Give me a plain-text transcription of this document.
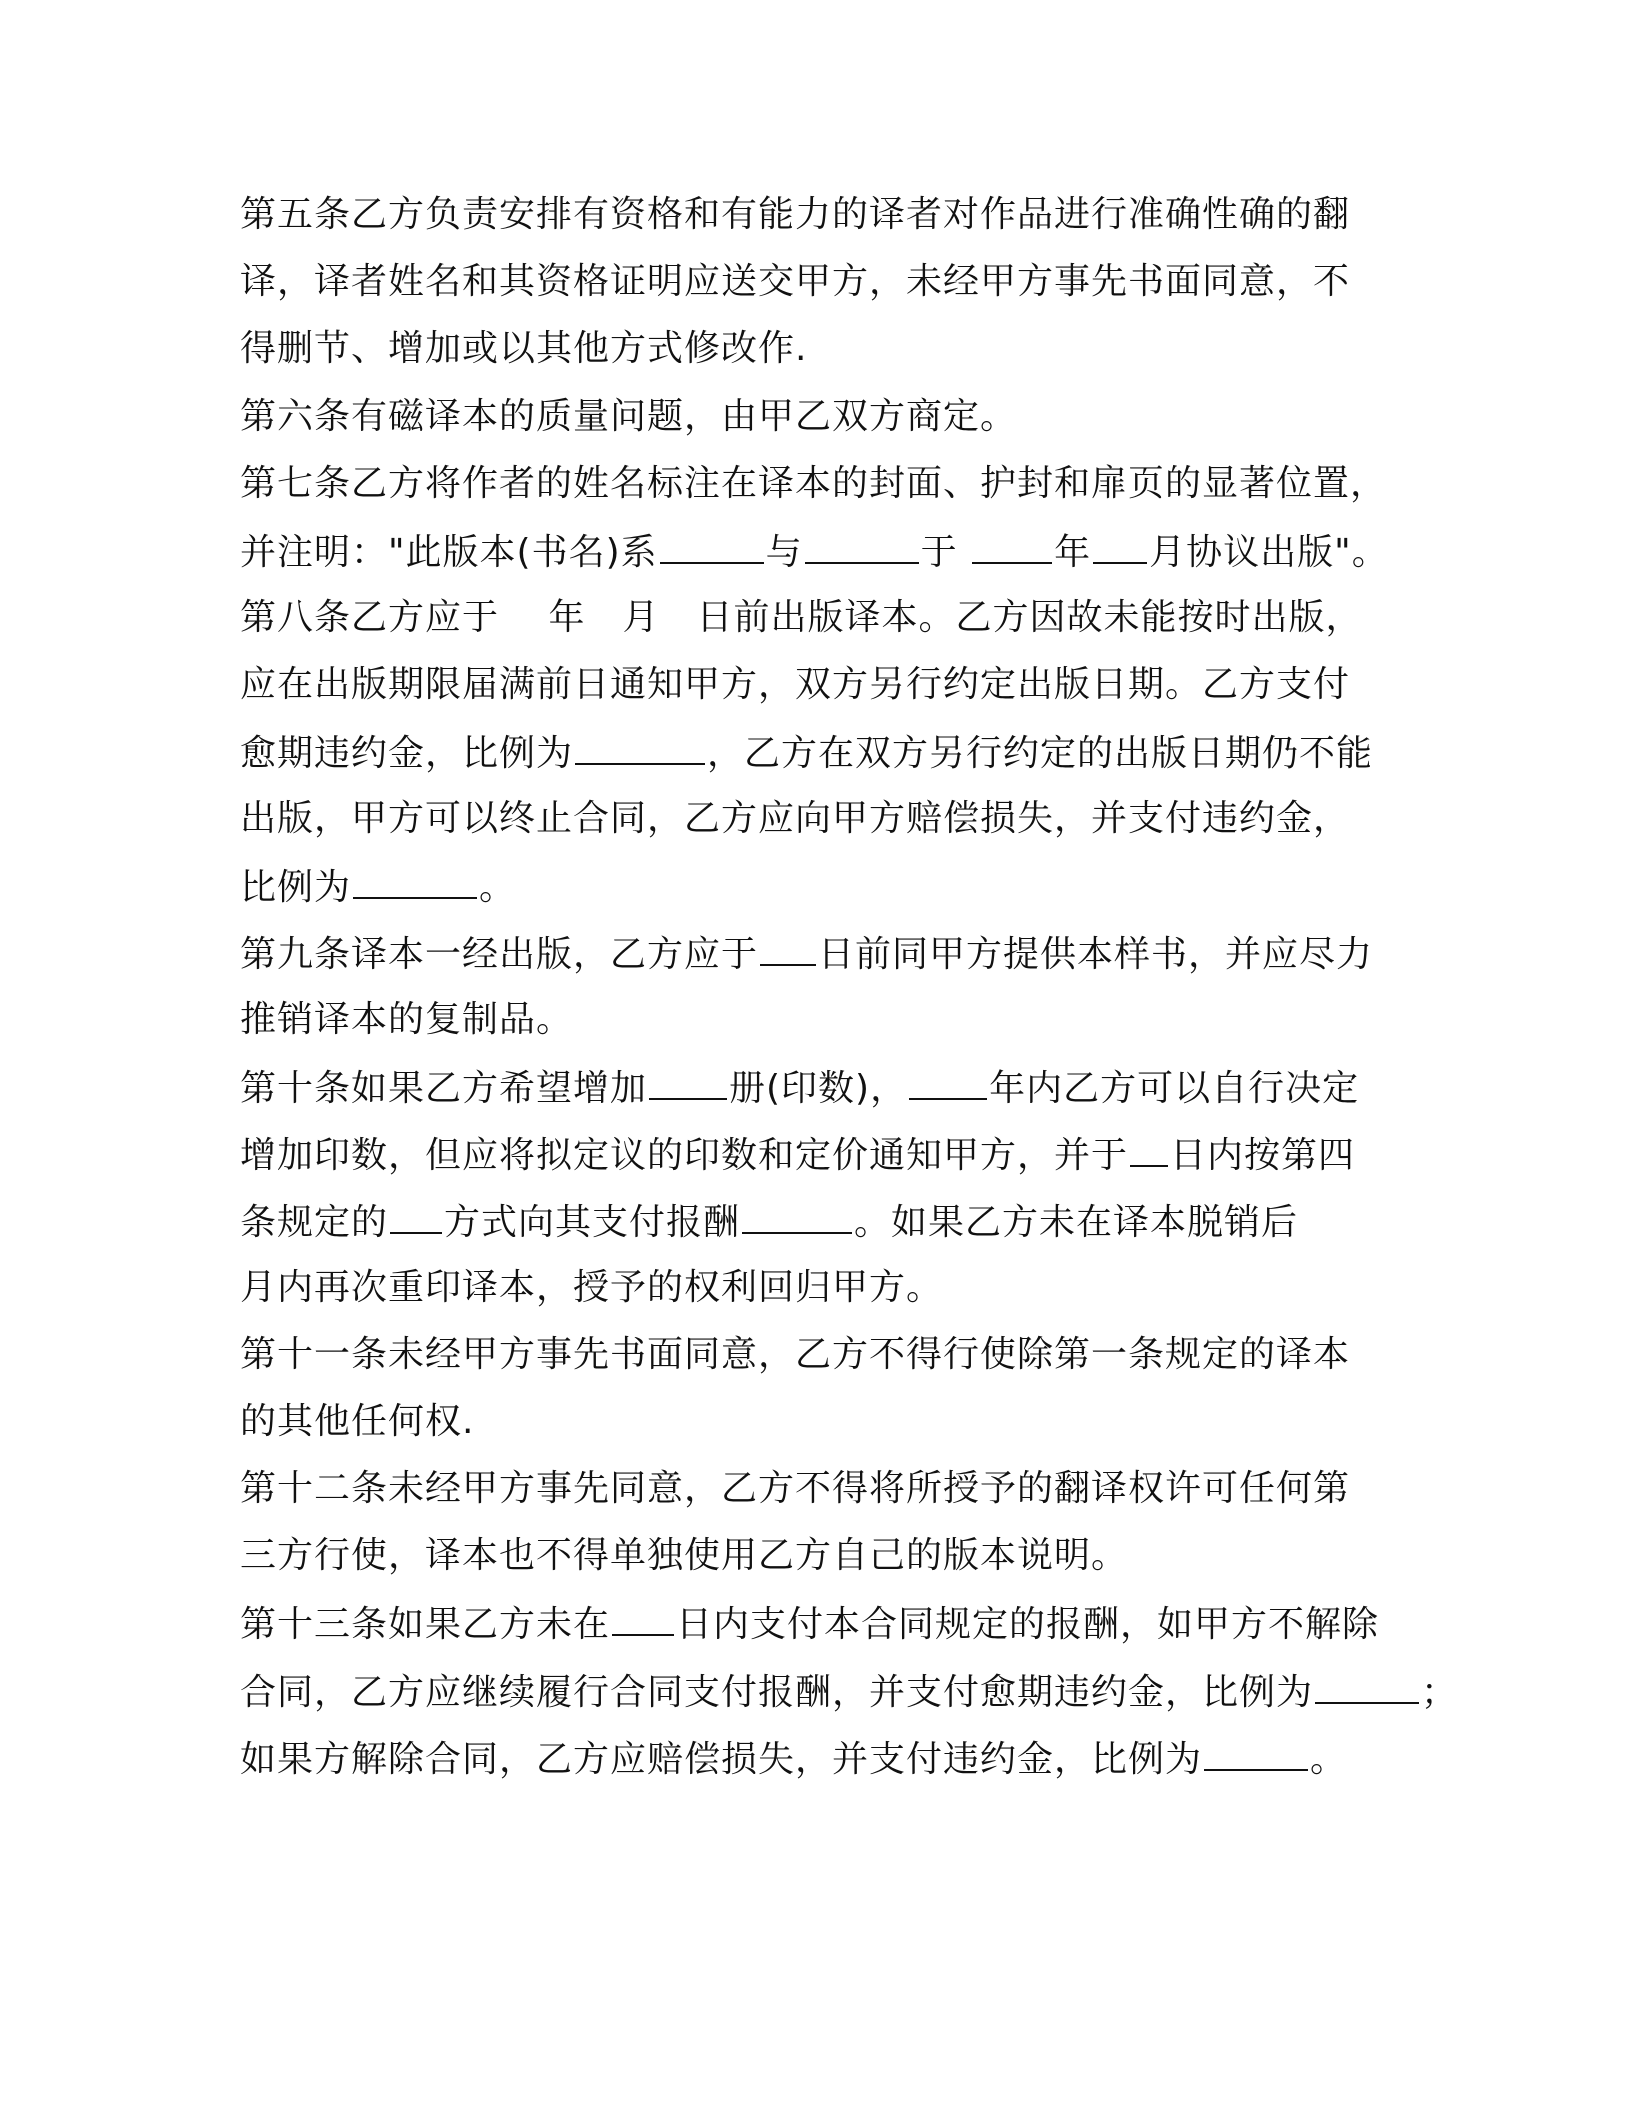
第五条乙方负责安排有资格和有能力的译者对作品进行准确性确的翻
译，译者姓名和其资格证明应送交甲方，未经甲方事先书面同意，不
得删节、增加或以其他方式修改作.
第六条有磁译本的质量问题，由甲乙双方商定。
第七条乙方将作者的姓名标注在译本的封面、护封和扉页的显著位置，
并注明："此版本(书名)系	与	于 年 月协议出版"。
第八条乙方应于　 年　月　日前出版译本。乙方因故未能按时出版，
应在出版期限届满前日通知甲方，双方另行约定出版日期。乙方支付
愈期违约金，比例为	，乙方在双方另行约定的出版日期仍不能
出版，甲方可以终止合同，乙方应向甲方赔偿损失，并支付违约金，
比例为	。
第九条译本一经出版，乙方应于 日前同甲方提供本样书，并应尽力
推销译本的复制品。
第十条如果乙方希望增加 册(印数)， 年内乙方可以自行决定
增加印数，但应将拟定议的印数和定价通知甲方，并于 日内按第四
条规定的 方式向其支付报酬	。如果乙方未在译本脱销后
月内再次重印译本，授予的权利回归甲方。
第十一条未经甲方事先书面同意，乙方不得行使除第一条规定的译本
的其他任何权.
第十二条未经甲方事先同意，乙方不得将所授予的翻译权许可任何第
三方行使，译本也不得单独使用乙方自己的版本说明。
第十三条如果乙方未在 日内支付本合同规定的报酬，如甲方不解除
合同，乙方应继续履行合同支付报酬，并支付愈期违约金，比例为	；
如果方解除合同，乙方应赔偿损失，并支付违约金，比例为	。
